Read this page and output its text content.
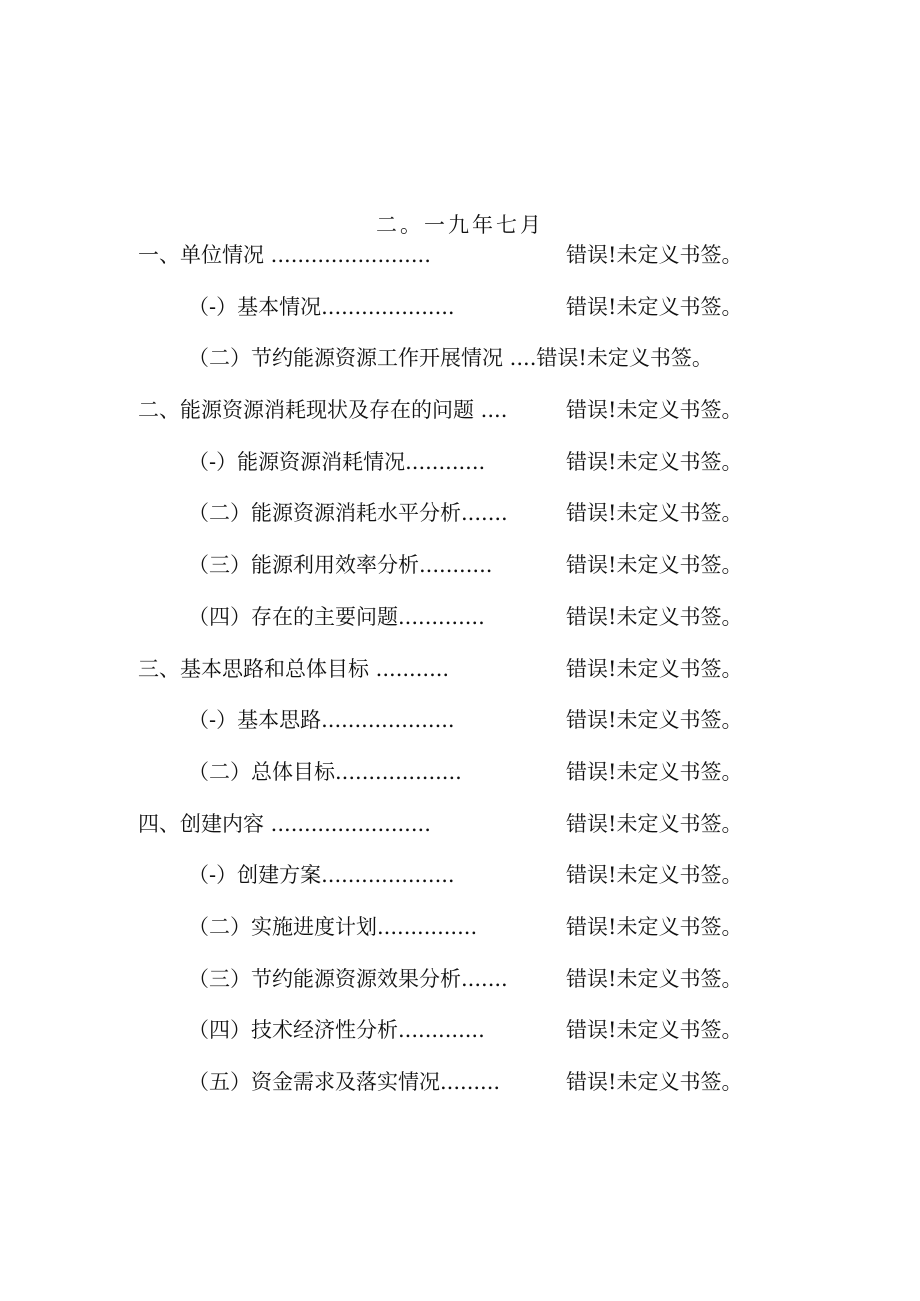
二。一九年七月
一、单位情况 ........................	错误!未定义书签。
（-）基本情况....................	错误!未定义书签。
（二）节约能源资源工作开展情况 ....错误!未定义书签。
二、能源资源消耗现状及存在的问题 ....	错误!未定义书签。
（-）能源资源消耗情况............	错误!未定义书签。
（二）能源资源消耗水平分析.......	错误!未定义书签。
（三）能源利用效率分析...........	错误!未定义书签。
（四）存在的主要问题.............	错误!未定义书签。
三、基本思路和总体目标 ...........	错误!未定义书签。
（-）基本思路....................	错误!未定义书签。
（二）总体目标...................	错误!未定义书签。
四、创建内容 ........................	错误!未定义书签。
（-）创建方案....................	错误!未定义书签。
（二）实施进度计划...............	错误!未定义书签。
（三）节约能源资源效果分析.......	错误!未定义书签。
（四）技术经济性分析.............	错误!未定义书签。
（五）资金需求及落实情况.........	错误!未定义书签。
